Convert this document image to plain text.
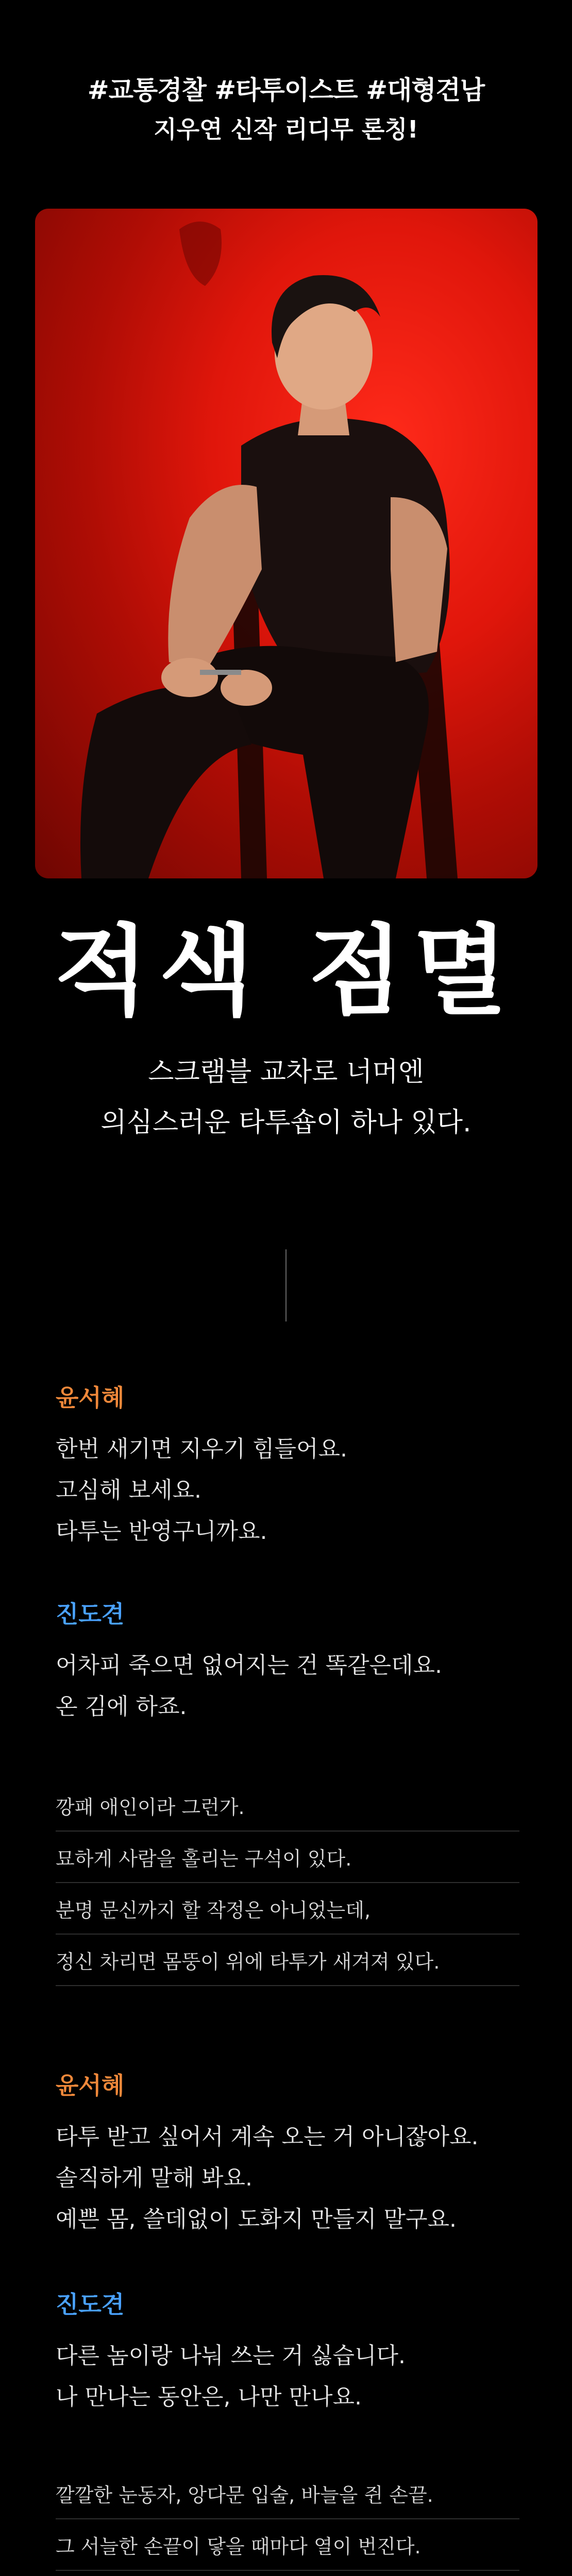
#교통경찰 #타투이스트 #대형견남
지우연 신작 리디무 론칭!
적색 점멸
스크램블 교차로 너머엔
의심스러운 타투숍이 하나 있다.
윤서혜
한번 새기면 지우기 힘들어요.
고심해 보세요.
타투는 반영구니까요.
진도견
어차피 죽으면 없어지는 건 똑같은데요.
온 김에 하죠.
깡패 애인이라 그런가.
묘하게 사람을 홀리는 구석이 있다.
분명 문신까지 할 작정은 아니었는데,
정신 차리면 몸뚱이 위에 타투가 새겨져 있다.
윤서혜
타투 받고 싶어서 계속 오는 거 아니잖아요.
솔직하게 말해 봐요.
예쁜 몸, 쓸데없이 도화지 만들지 말구요.
진도견
다른 놈이랑 나눠 쓰는 거 싫습니다.
나 만나는 동안은, 나만 만나요.
깔깔한 눈동자, 앙다문 입술, 바늘을 쥔 손끝.
그 서늘한 손끝이 닿을 때마다 열이 번진다.
